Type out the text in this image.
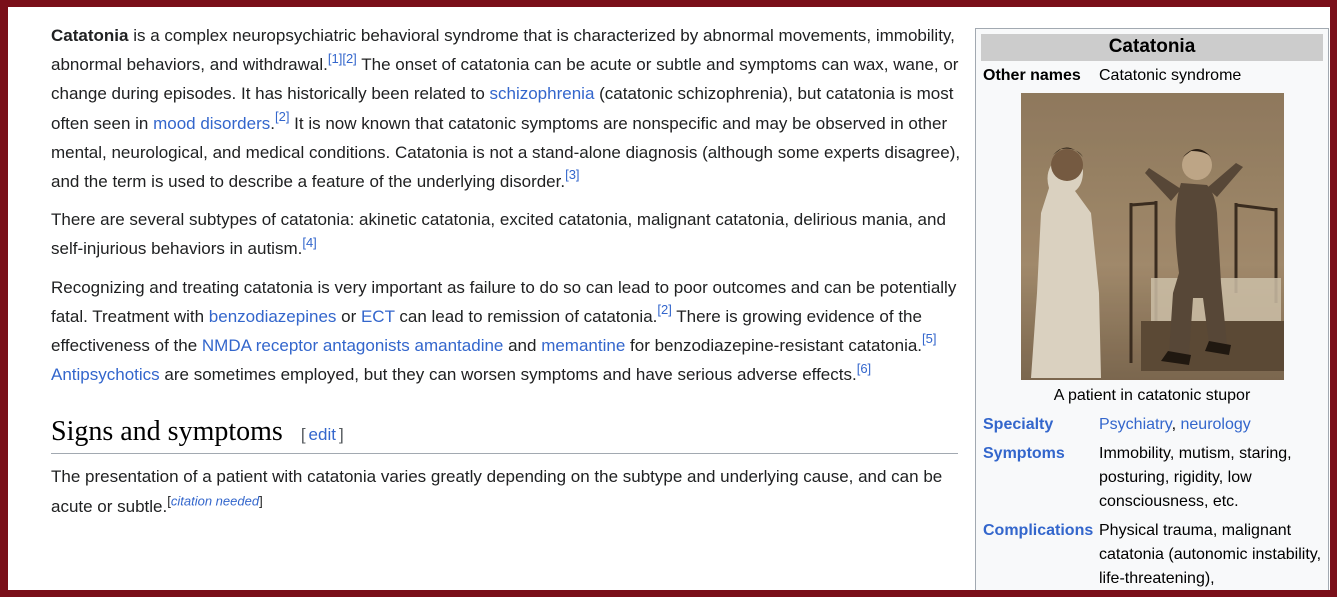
Catatonia is a complex neuropsychiatric behavioral syndrome that is characterized by abnormal movements, immobility, abnormal behaviors, and withdrawal.[1][2] The onset of catatonia can be acute or subtle and symptoms can wax, wane, or change during episodes. It has historically been related to schizophrenia (catatonic schizophrenia), but catatonia is most often seen in mood disorders.[2] It is now known that catatonic symptoms are nonspecific and may be observed in other mental, neurological, and medical conditions. Catatonia is not a stand-alone diagnosis (although some experts disagree), and the term is used to describe a feature of the underlying disorder.[3]

There are several subtypes of catatonia: akinetic catatonia, excited catatonia, malignant catatonia, delirious mania, and self-injurious behaviors in autism.[4]

Recognizing and treating catatonia is very important as failure to do so can lead to poor outcomes and can be potentially fatal. Treatment with benzodiazepines or ECT can lead to remission of catatonia.[2] There is growing evidence of the effectiveness of the NMDA receptor antagonists amantadine and memantine for benzodiazepine-resistant catatonia.[5] Antipsychotics are sometimes employed, but they can worsen symptoms and have serious adverse effects.[6]

Signs and symptoms [ edit ]

The presentation of a patient with catatonia varies greatly depending on the subtype and underlying cause, and can be acute or subtle.[citation needed]

Catatonia
Other names	Catatonic syndrome
A patient in catatonic stupor
Specialty	Psychiatry, neurology
Symptoms	Immobility, mutism, staring, posturing, rigidity, low consciousness, etc.
Complications Physical trauma, malignant catatonia (autonomic instability, life-threatening),
